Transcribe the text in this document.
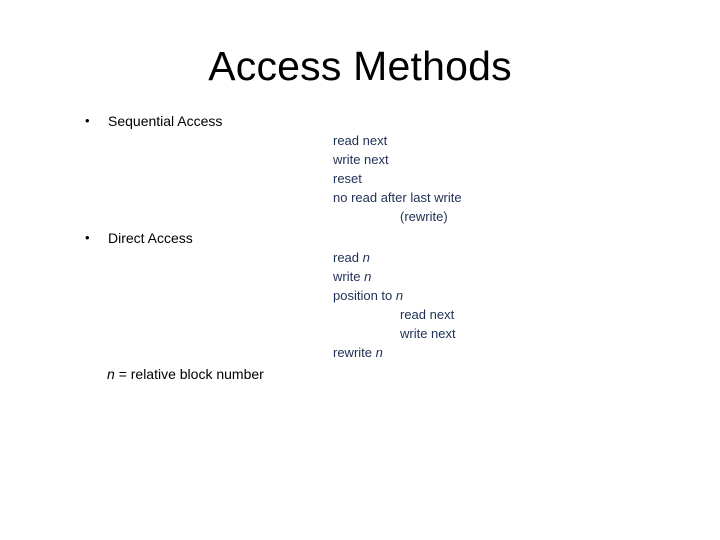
Access Methods
• Sequential Access
read next
write next
reset
no read after last write
(rewrite)
• Direct Access
read n
write n
position to n
read next
write next
rewrite n
n = relative block number
